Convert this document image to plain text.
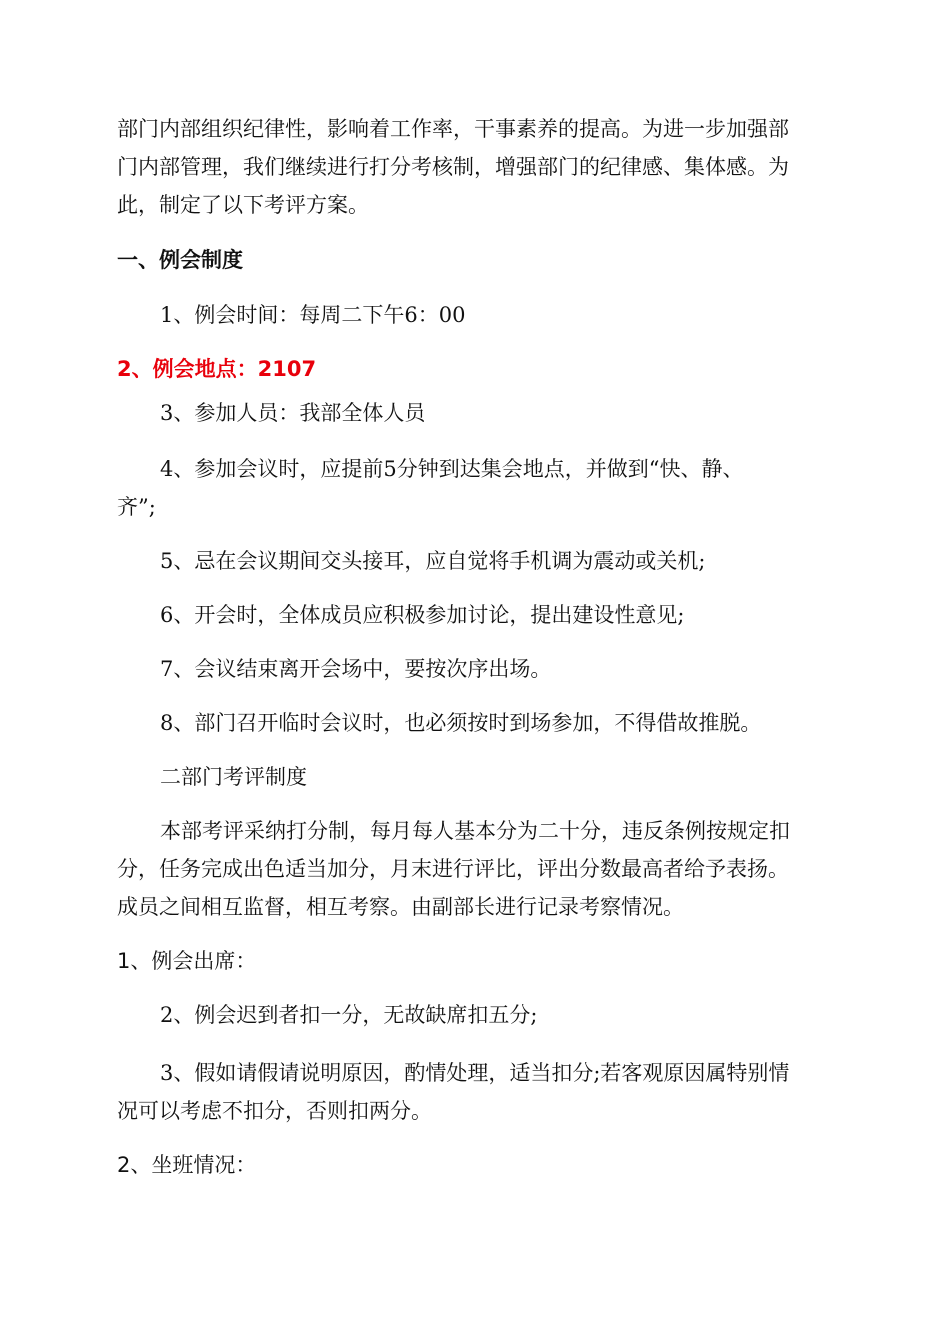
部门内部组织纪律性，影响着工作率，干事素养的提高。为进一步加强部
门内部管理，我们继续进行打分考核制，增强部门的纪律感、集体感。为
此，制定了以下考评方案。
一、例会制度
1、例会时间：每周二下午6：00
2、例会地点：2107
3、参加人员：我部全体人员
4、参加会议时，应提前5分钟到达集会地点，并做到“快、静、
齐”;
5、忌在会议期间交头接耳，应自觉将手机调为震动或关机;
6、开会时，全体成员应积极参加讨论，提出建设性意见;
7、会议结束离开会场中，要按次序出场。
8、部门召开临时会议时，也必须按时到场参加，不得借故推脱。
二部门考评制度
本部考评采纳打分制，每月每人基本分为二十分，违反条例按规定扣
分，任务完成出色适当加分，月末进行评比，评出分数最高者给予表扬。
成员之间相互监督，相互考察。由副部长进行记录考察情况。
1、例会出席：
2、例会迟到者扣一分，无故缺席扣五分;
3、假如请假请说明原因，酌情处理，适当扣分;若客观原因属特别情
况可以考虑不扣分，否则扣两分。
2、坐班情况：
